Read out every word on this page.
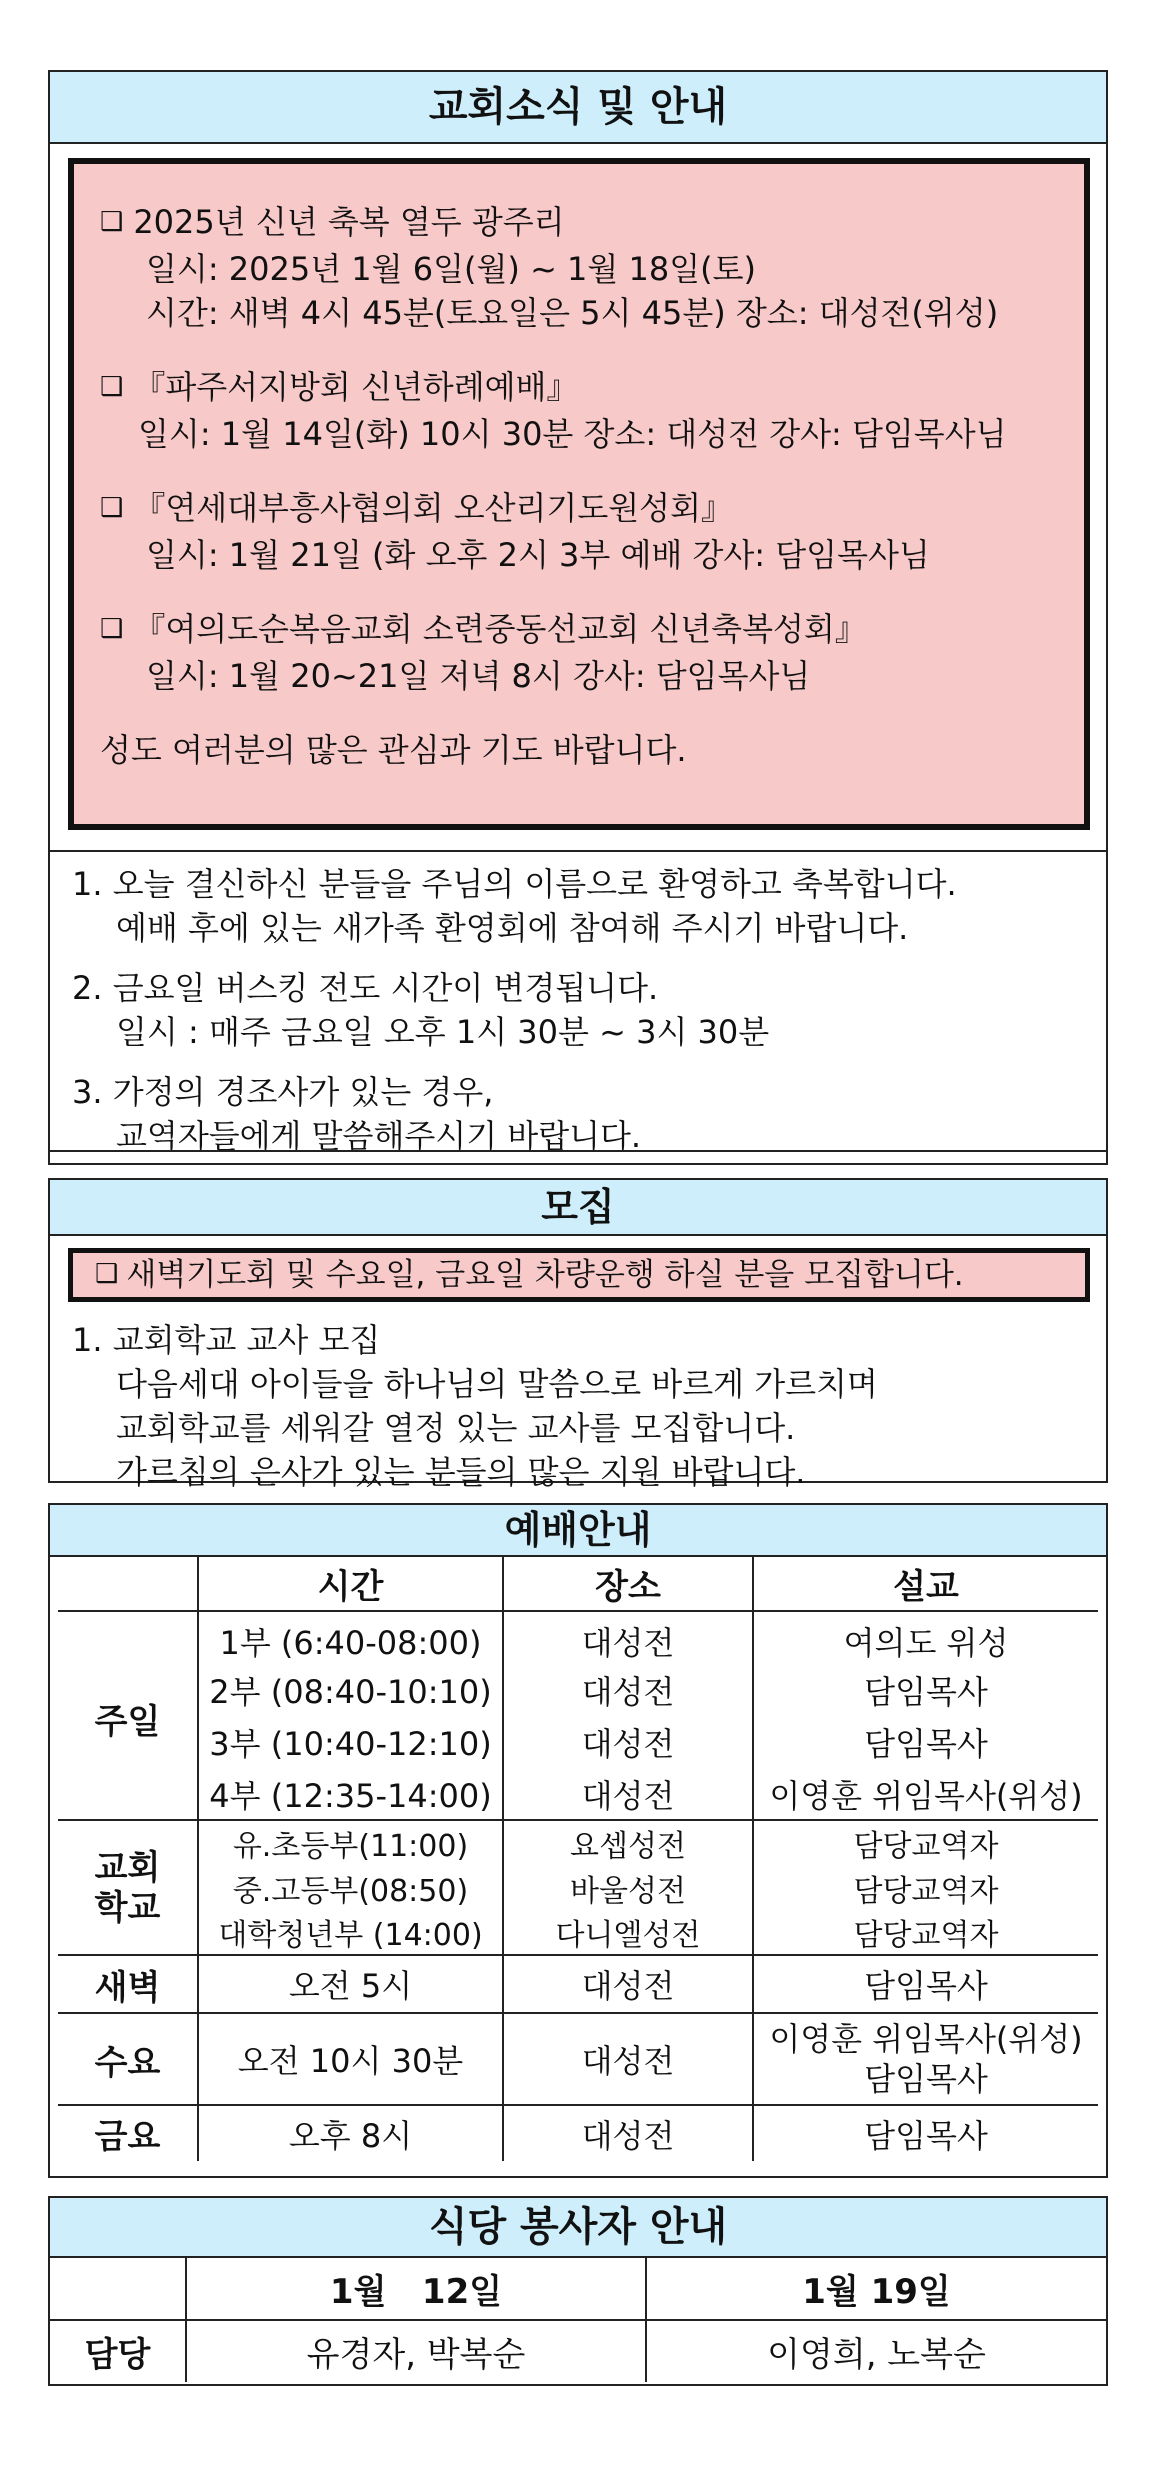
교회소식 및 안내
❑ 2025년 신년 축복 열두 광주리
일시: 2025년 1월 6일(월) ~ 1월 18일(토)
시간: 새벽 4시 45분(토요일은 5시 45분) 장소: 대성전(위성)
❑ 『파주서지방회 신년하례예배』
일시: 1월 14일(화) 10시 30분 장소: 대성전 강사: 담임목사님
❑ 『연세대부흥사협의회 오산리기도원성회』
일시: 1월 21일 (화 오후 2시 3부 예배 강사: 담임목사님
❑ 『여의도순복음교회 소련중동선교회 신년축복성회』
일시: 1월 20~21일 저녁 8시 강사: 담임목사님
성도 여러분의 많은 관심과 기도 바랍니다.
1. 오늘 결신하신 분들을 주님의 이름으로 환영하고 축복합니다.
예배 후에 있는 새가족 환영회에 참여해 주시기 바랍니다.
2. 금요일 버스킹 전도 시간이 변경됩니다.
일시 : 매주 금요일 오후 1시 30분 ~ 3시 30분
3. 가정의 경조사가 있는 경우,
교역자들에게 말씀해주시기 바랍니다.
모집
❑ 새벽기도회 및 수요일, 금요일 차량운행 하실 분을 모집합니다.
1. 교회학교 교사 모집
다음세대 아이들을 하나님의 말씀으로 바르게 가르치며
교회학교를 세워갈 열정 있는 교사를 모집합니다.
가르침의 은사가 있는 분들의 많은 지원 바랍니다.
예배안내
	시간	장소	설교
주일	1부 (6:40-08:00)	대성전	여의도 위성
	2부 (08:40-10:10)	대성전	담임목사
	3부 (10:40-12:10)	대성전	담임목사
	4부 (12:35-14:00)	대성전	이영훈 위임목사(위성)
교회
학교	유.초등부(11:00)	요셉성전	담당교역자
	중.고등부(08:50)	바울성전	담당교역자
	대학청년부 (14:00)	다니엘성전	담당교역자
새벽	오전 5시	대성전	담임목사
수요	오전 10시 30분	대성전	이영훈 위임목사(위성)
담임목사
금요	오후 8시	대성전	담임목사
식당 봉사자 안내
	1월   12일	1월 19일
담당	유경자, 박복순	이영희, 노복순
